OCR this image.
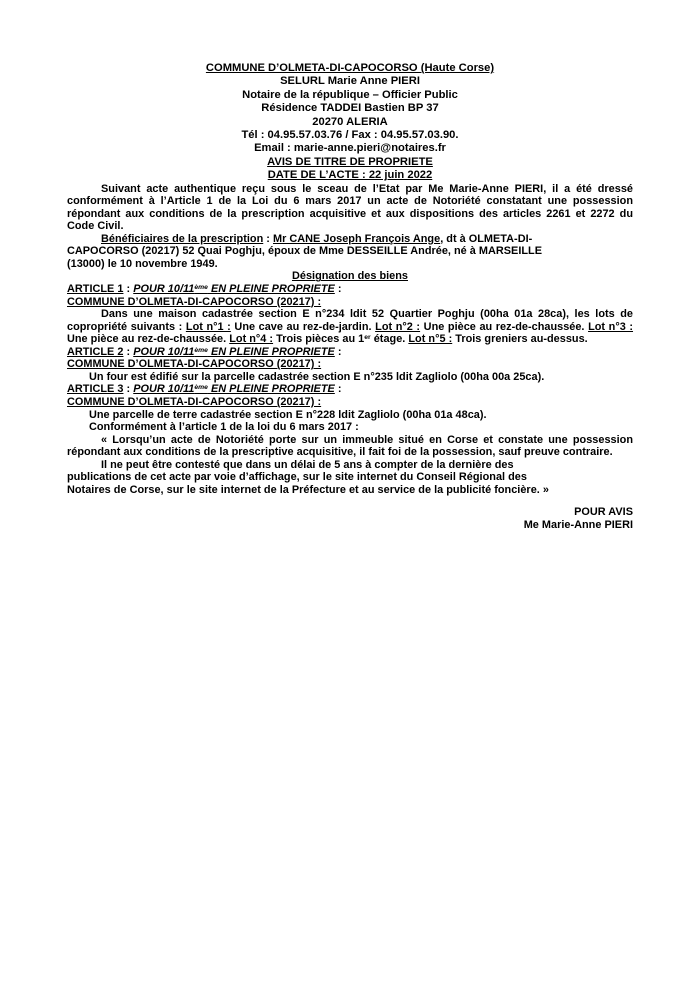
COMMUNE D’OLMETA-DI-CAPOCORSO (Haute Corse)
SELURL Marie Anne PIERI
Notaire de la république – Officier Public
Résidence TADDEI Bastien BP 37
20270 ALERIA
Tél : 04.95.57.03.76 / Fax : 04.95.57.03.90.
Email : marie-anne.pieri@notaires.fr
AVIS DE TITRE DE PROPRIETE
DATE DE L’ACTE : 22 juin 2022

Suivant acte authentique reçu sous le sceau de l’Etat par Me Marie-Anne PIERI, il a été dressé conformément à l’Article 1 de la Loi du 6 mars 2017 un acte de Notoriété constatant une possession répondant aux conditions de la prescription acquisitive et aux dispositions des articles 2261 et 2272 du Code Civil.

Bénéficiaires de la prescription : Mr CANE Joseph François Ange, dt à OLMETA-DI-
CAPOCORSO (20217) 52 Quai Poghju, époux de Mme DESSEILLE Andrée, né à MARSEILLE
(13000) le 10 novembre 1949.
Désignation des biens
ARTICLE 1 : POUR 10/11ème EN PLEINE PROPRIETE :
COMMUNE D’OLMETA-DI-CAPOCORSO (20217) :

Dans une maison cadastrée section E n°234 ldit 52 Quartier Poghju (00ha 01a 28ca), les lots de copropriété suivants : Lot n°1 : Une cave au rez-de-jardin. Lot n°2 : Une pièce au rez-de-chaussée. Lot n°3 : Une pièce au rez-de-chaussée. Lot n°4 : Trois pièces au 1er étage. Lot n°5 : Trois greniers au-dessus.

ARTICLE 2 : POUR 10/11ème EN PLEINE PROPRIETE :
COMMUNE D’OLMETA-DI-CAPOCORSO (20217) :
Un four est édifié sur la parcelle cadastrée section E n°235 ldit Zagliolo (00ha 00a 25ca).
ARTICLE 3 : POUR 10/11ème EN PLEINE PROPRIETE :
COMMUNE D’OLMETA-DI-CAPOCORSO (20217) :
Une parcelle de terre cadastrée section E n°228 ldit Zagliolo (00ha 01a 48ca).
Conformément à l’article 1 de la loi du 6 mars 2017 :

« Lorsqu’un acte de Notoriété porte sur un immeuble situé en Corse et constate une possession répondant aux conditions de la prescriptive acquisitive, il fait foi de la possession, sauf preuve contraire.

Il ne peut être contesté que dans un délai de 5 ans à compter de la dernière des
publications de cet acte par voie d’affichage, sur le site internet du Conseil Régional des
Notaires de Corse, sur le site internet de la Préfecture et au service de la publicité foncière. »
POUR AVIS
Me Marie-Anne PIERI
